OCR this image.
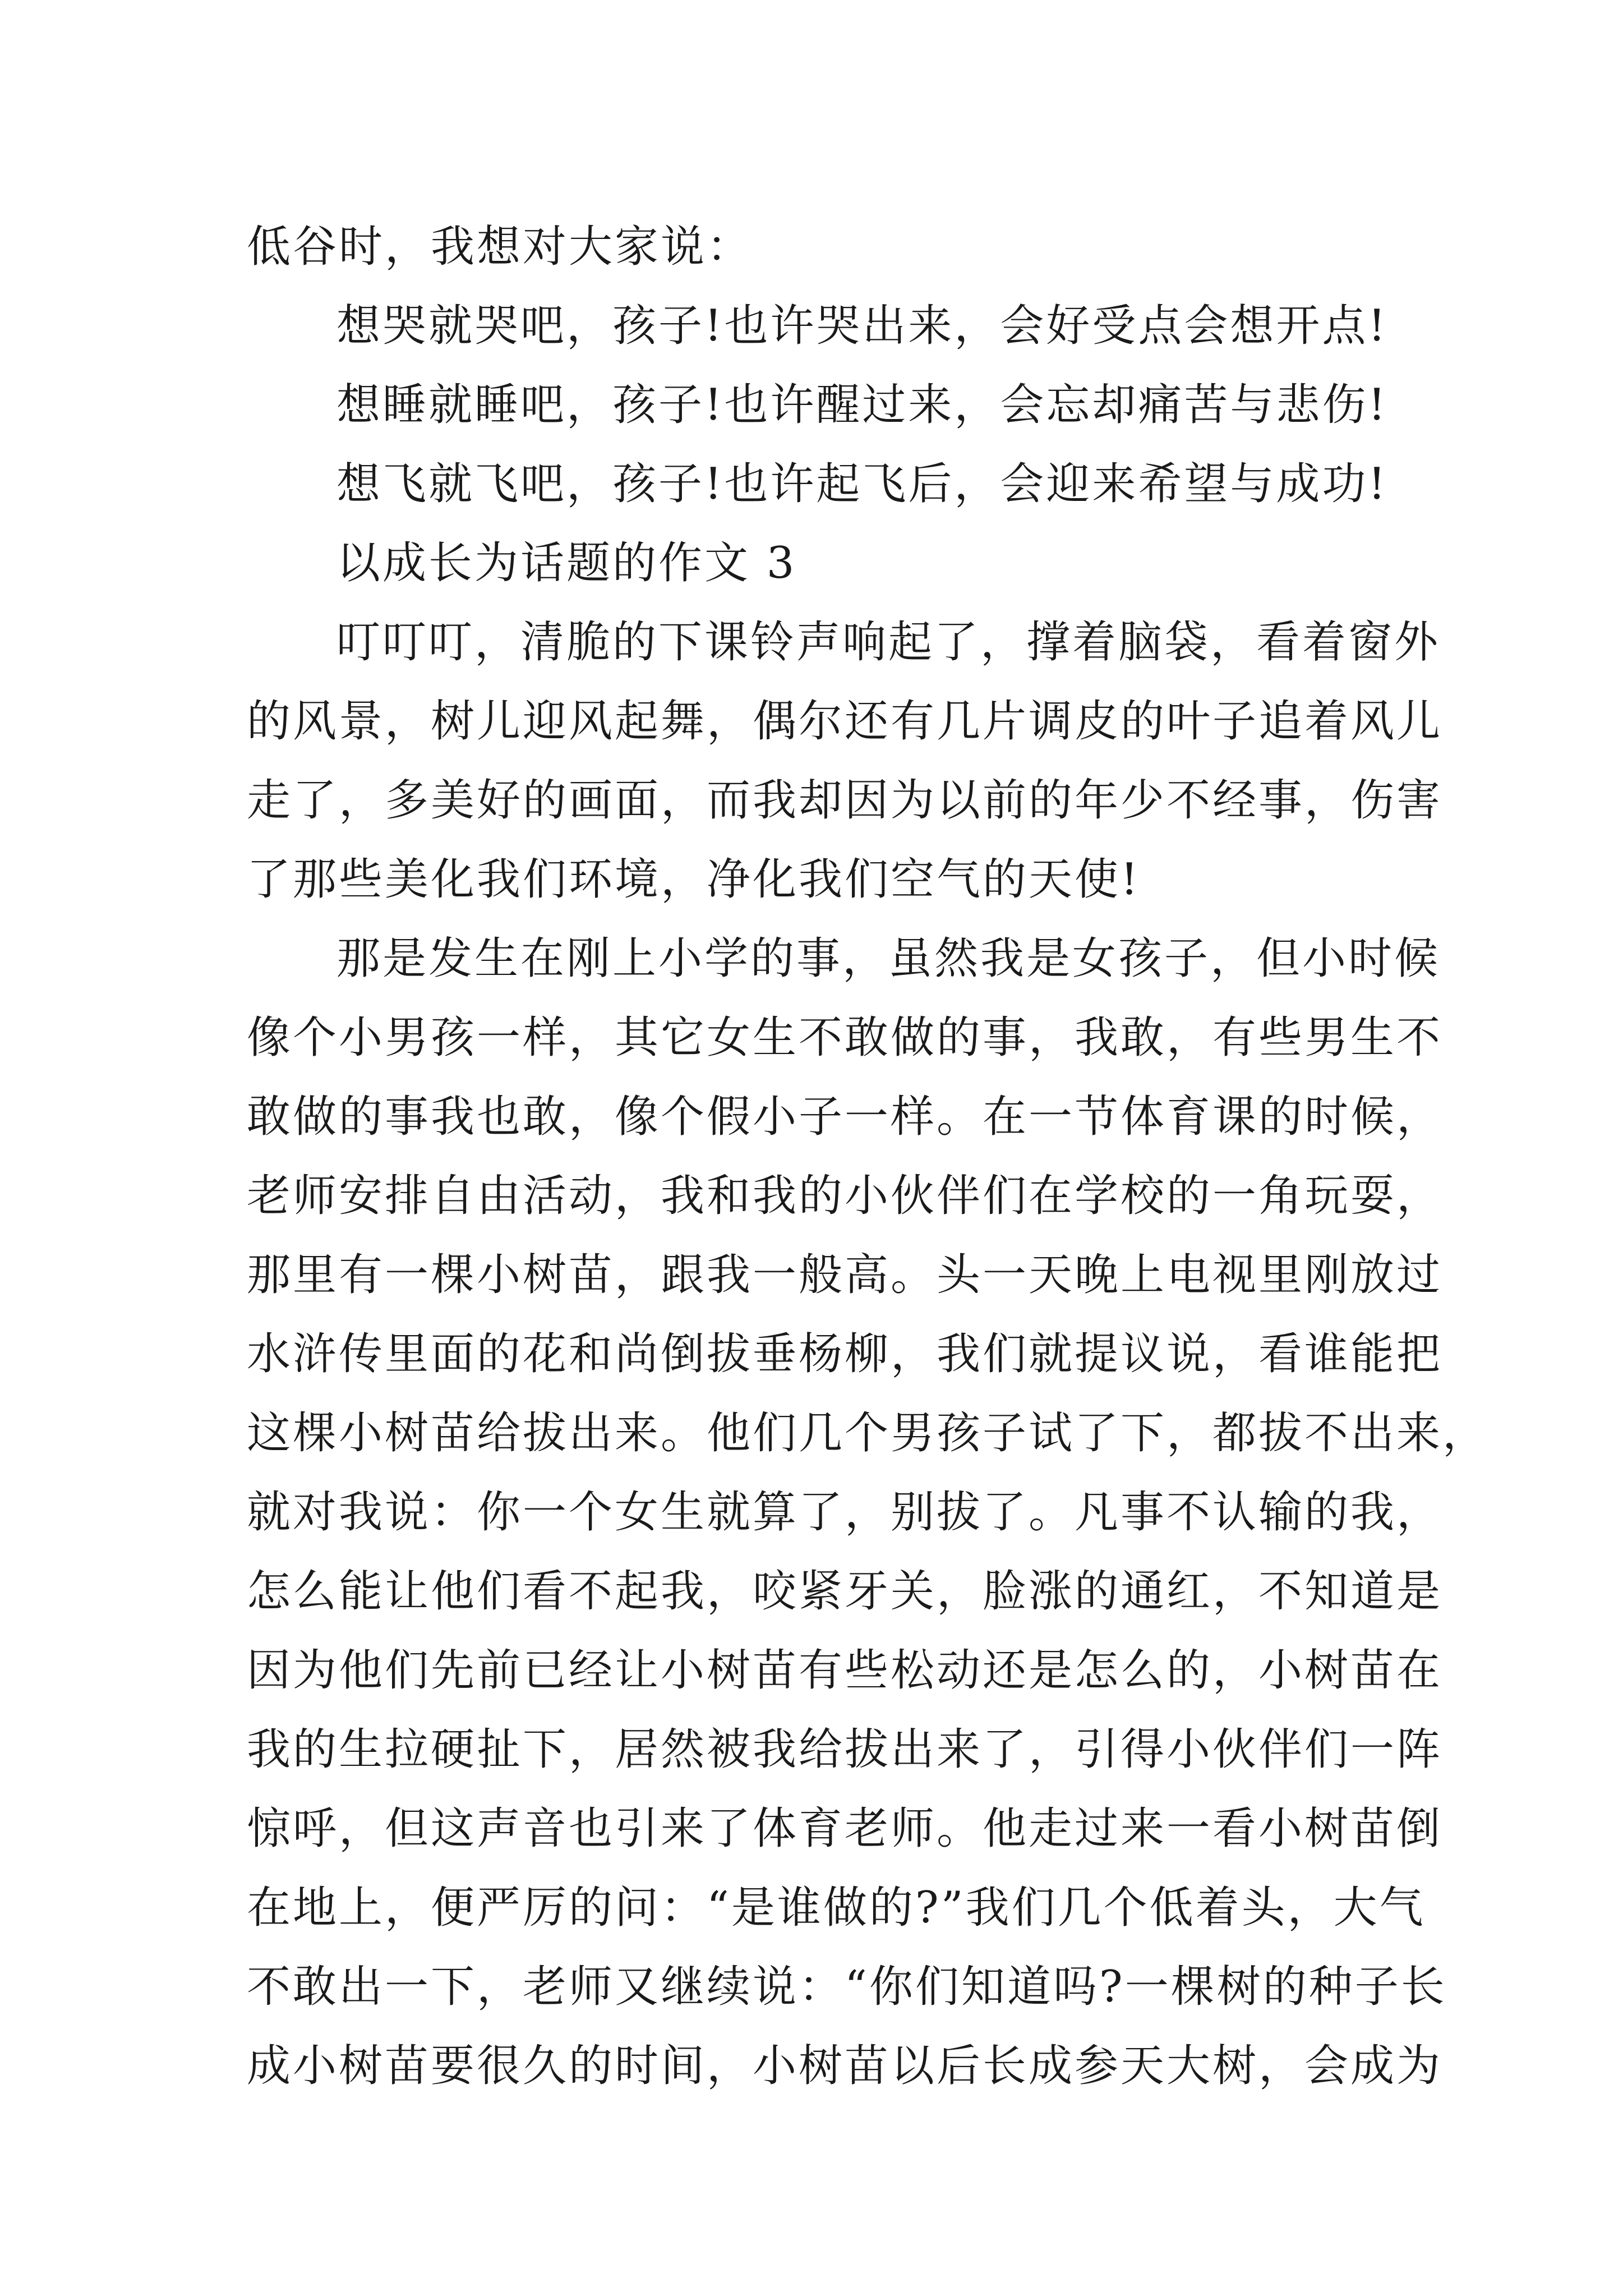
低谷时，我想对大家说：
想哭就哭吧，孩子!也许哭出来，会好受点会想开点!
想睡就睡吧，孩子!也许醒过来，会忘却痛苦与悲伤!
想飞就飞吧，孩子!也许起飞后，会迎来希望与成功!
以成长为话题的作文 3
叮叮叮，清脆的下课铃声响起了，撑着脑袋，看着窗外
的风景，树儿迎风起舞，偶尔还有几片调皮的叶子追着风儿
走了，多美好的画面，而我却因为以前的年少不经事，伤害
了那些美化我们环境，净化我们空气的天使!
那是发生在刚上小学的事，虽然我是女孩子，但小时候
像个小男孩一样，其它女生不敢做的事，我敢，有些男生不
敢做的事我也敢，像个假小子一样。在一节体育课的时候，
老师安排自由活动，我和我的小伙伴们在学校的一角玩耍，
那里有一棵小树苗，跟我一般高。头一天晚上电视里刚放过
水浒传里面的花和尚倒拔垂杨柳，我们就提议说，看谁能把
这棵小树苗给拔出来。他们几个男孩子试了下，都拔不出来，
就对我说：你一个女生就算了，别拔了。凡事不认输的我，
怎么能让他们看不起我，咬紧牙关，脸涨的通红，不知道是
因为他们先前已经让小树苗有些松动还是怎么的，小树苗在
我的生拉硬扯下，居然被我给拔出来了，引得小伙伴们一阵
惊呼，但这声音也引来了体育老师。他走过来一看小树苗倒
在地上，便严厉的问：“是谁做的?”我们几个低着头，大气
不敢出一下，老师又继续说：“你们知道吗?一棵树的种子长
成小树苗要很久的时间，小树苗以后长成参天大树，会成为
